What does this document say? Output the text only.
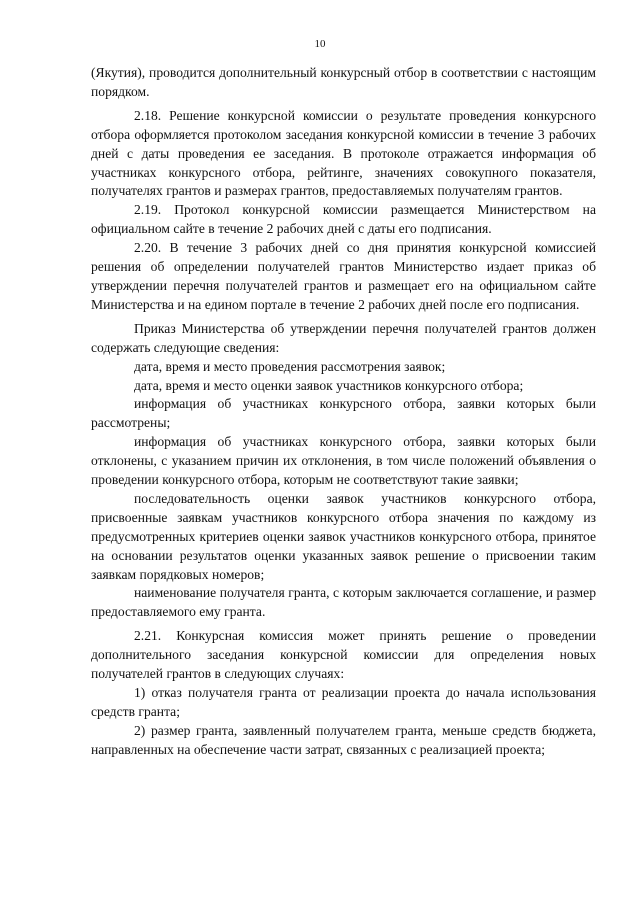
10

(Якутия), проводится дополнительный конкурсный отбор в соответствии с настоящим порядком.

2.18. Решение конкурсной комиссии о результате проведения конкурсного отбора оформляется протоколом заседания конкурсной комиссии в течение 3 рабочих дней с даты проведения ее заседания. В протоколе отражается информация об участниках конкурсного отбора, рейтинге, значениях совокупного показателя, получателях грантов и размерах грантов, предоставляемых получателям грантов.

2.19. Протокол конкурсной комиссии размещается Министерством на официальном сайте в течение 2 рабочих дней с даты его подписания.

2.20. В течение 3 рабочих дней со дня принятия конкурсной комиссией решения об определении получателей грантов Министерство издает приказ об утверждении перечня получателей грантов и размещает его на официальном сайте Министерства и на едином портале в течение 2 рабочих дней после его подписания.

Приказ Министерства об утверждении перечня получателей грантов должен содержать следующие сведения:

дата, время и место проведения рассмотрения заявок;

дата, время и место оценки заявок участников конкурсного отбора;

информация об участниках конкурсного отбора, заявки которых были рассмотрены;

информация об участниках конкурсного отбора, заявки которых были отклонены, с указанием причин их отклонения, в том числе положений объявления о проведении конкурсного отбора, которым не соответствуют такие заявки;

последовательность оценки заявок участников конкурсного отбора, присвоенные заявкам участников конкурсного отбора значения по каждому из предусмотренных критериев оценки заявок участников конкурсного отбора, принятое на основании результатов оценки указанных заявок решение о присвоении таким заявкам порядковых номеров;

наименование получателя гранта, с которым заключается соглашение, и размер предоставляемого ему гранта.

2.21. Конкурсная комиссия может принять решение о проведении дополнительного заседания конкурсной комиссии для определения новых получателей грантов в следующих случаях:

1) отказ получателя гранта от реализации проекта до начала использования средств гранта;

2) размер гранта, заявленный получателем гранта, меньше средств бюджета, направленных на обеспечение части затрат, связанных с реализацией проекта;
